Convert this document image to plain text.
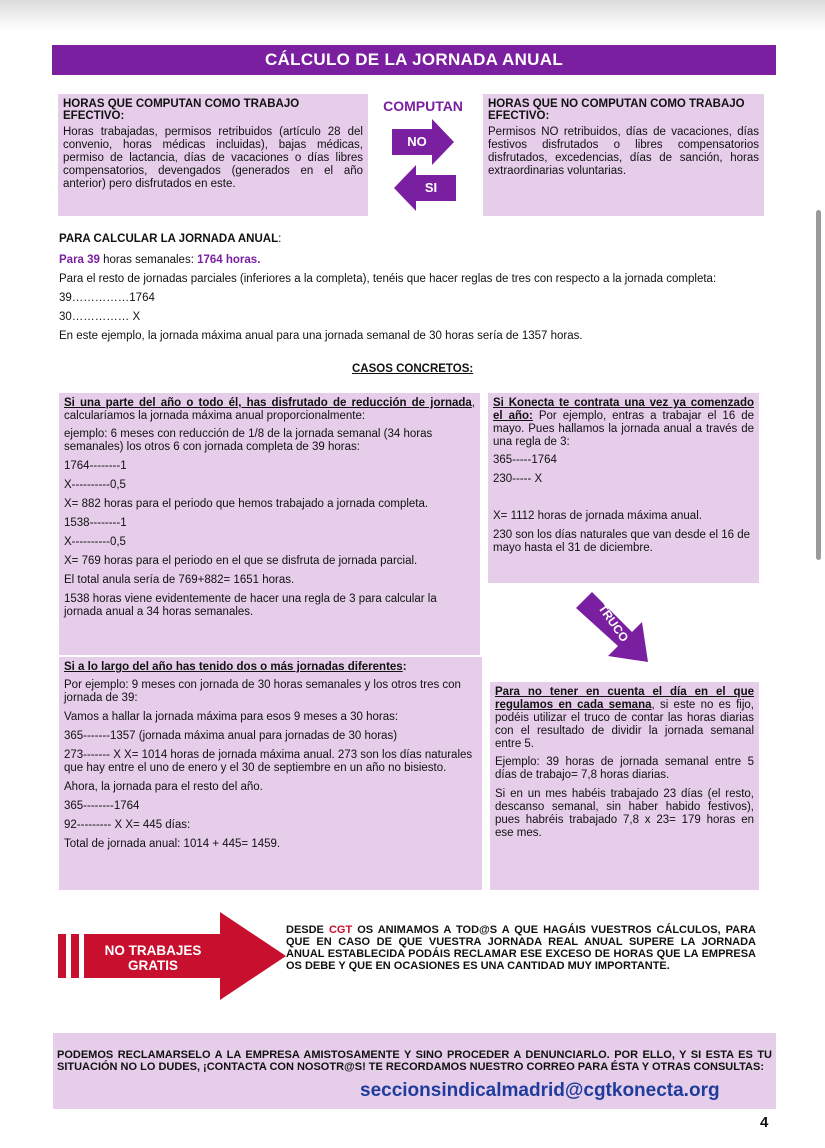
CÁLCULO DE LA JORNADA ANUAL
HORAS QUE COMPUTAN COMO TRABAJO EFECTIVO:
Horas trabajadas, permisos retribuidos (artículo 28 del convenio, horas médicas incluidas), bajas médicas, permiso de lactancia, días de vacaciones o días libres compensatorios, devengados (generados en el año anterior) pero disfrutados en este.
COMPUTAN
NO
SI
HORAS QUE NO COMPUTAN COMO TRABAJO EFECTIVO:
Permisos NO retribuidos, días de vacaciones, días festivos disfrutados o libres compensatorios disfrutados, excedencias, días de sanción, horas extraordinarias voluntarias.
PARA CALCULAR LA JORNADA ANUAL:
Para 39 horas semanales: 1764 horas.
Para el resto de jornadas parciales (inferiores a la completa), tenéis que hacer reglas de tres con respecto a la jornada completa:
39……………1764
30…………… X
En este ejemplo, la jornada máxima anual para una jornada semanal de 30 horas sería de 1357 horas.
CASOS CONCRETOS:
Si una parte del año o todo él, has disfrutado de reducción de jornada, calcularíamos la jornada máxima anual proporcionalmente:
ejemplo: 6 meses con reducción de 1/8 de la jornada semanal (34 horas semanales) los otros 6 con jornada completa de 39 horas:
1764--------1
X----------0,5
X= 882 horas para el periodo que hemos trabajado a jornada completa.
1538--------1
X----------0,5
X= 769 horas para el periodo en el que se disfruta de jornada parcial.
El total anula sería de 769+882= 1651 horas.
1538 horas viene evidentemente de hacer una regla de 3 para calcular la jornada anual a 34 horas semanales.
Si a lo largo del año has tenido dos o más jornadas diferentes:
Por ejemplo: 9 meses con jornada de 30 horas semanales y los otros tres con jornada de 39:
Vamos a hallar la jornada máxima para esos 9 meses a 30 horas:
365-------1357 (jornada máxima anual para jornadas de 30 horas)
273------- X X= 1014 horas de jornada máxima anual. 273 son los días naturales que hay entre el uno de enero y el 30 de septiembre en un año no bisiesto.
Ahora, la jornada para el resto del año.
365--------1764
92--------- X X= 445 días:
Total de jornada anual: 1014 + 445= 1459.
Si Konecta te contrata una vez ya comenzado el año: Por ejemplo, entras a trabajar el 16 de mayo. Pues hallamos la jornada anual a través de una regla de 3:
365-----1764
230----- X
X= 1112 horas de jornada máxima anual.
230 son los días naturales que van desde el 16 de mayo hasta el 31 de diciembre.
TRUCO
Para no tener en cuenta el día en el que regulamos en cada semana, si este no es fijo, podéis utilizar el truco de contar las horas diarias con el resultado de dividir la jornada semanal entre 5.
Ejemplo: 39 horas de jornada semanal entre 5 días de trabajo= 7,8 horas diarias.
Si en un mes habéis trabajado 23 días (el resto, descanso semanal, sin haber habido festivos), pues habréis trabajado 7,8 x 23= 179 horas en ese mes.
NO TRABAJES GRATIS
DESDE CGT OS ANIMAMOS A TOD@S A QUE HAGÁIS VUESTROS CÁLCULOS, PARA QUE EN CASO DE QUE VUESTRA JORNADA REAL ANUAL SUPERE LA JORNADA ANUAL ESTABLECIDA PODÁIS RECLAMAR ESE EXCESO DE HORAS QUE LA EMPRESA OS DEBE Y QUE EN OCASIONES ES UNA CANTIDAD MUY IMPORTANTE.
PODEMOS RECLAMARSELO A LA EMPRESA AMISTOSAMENTE Y SINO PROCEDER A DENUNCIARLO. POR ELLO, Y SI ESTA ES TU SITUACIÓN NO LO DUDES, ¡CONTACTA CON NOSOTR@S! TE RECORDAMOS NUESTRO CORREO PARA ÉSTA Y OTRAS CONSULTAS:
seccionsindicalmadrid@cgtkonecta.org
4
